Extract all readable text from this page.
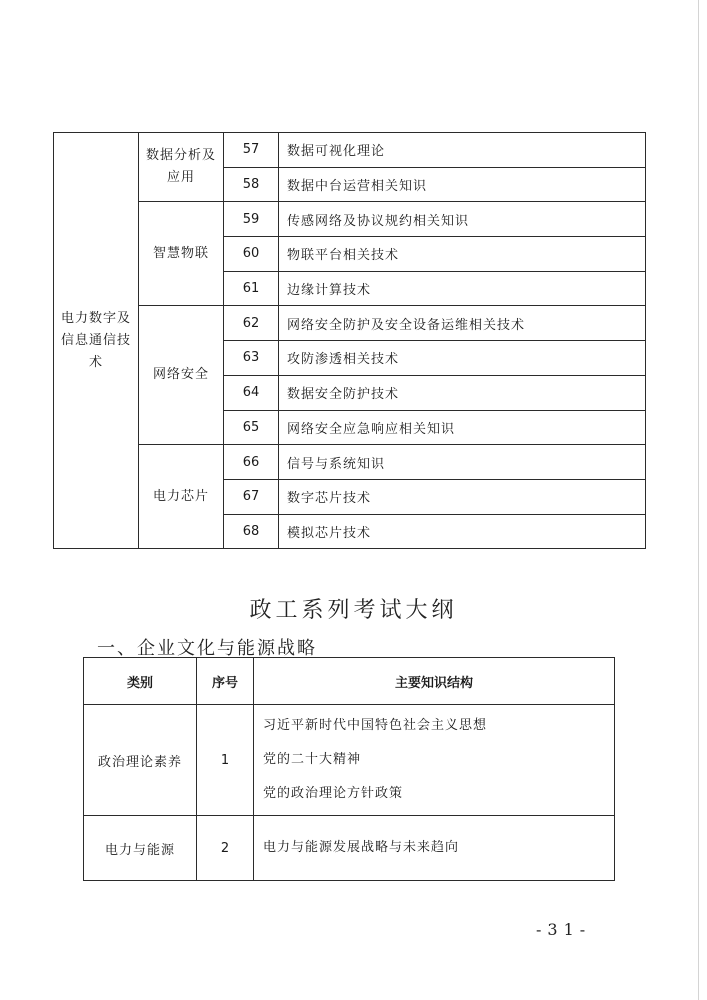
电力数字及
信息通信技
术	数据分析及
应用	57	数据可视化理论
		58	数据中台运营相关知识
	智慧物联	59	传感网络及协议规约相关知识
		60	物联平台相关技术
		61	边缘计算技术
	网络安全	62	网络安全防护及安全设备运维相关技术
		63	攻防渗透相关技术
		64	数据安全防护技术
		65	网络安全应急响应相关知识
	电力芯片	66	信号与系统知识
		67	数字芯片技术
		68	模拟芯片技术
政工系列考试大纲
一、企业文化与能源战略
类别	序号	主要知识结构
政治理论素养	1	习近平新时代中国特色社会主义思想
党的二十大精神
党的政治理论方针政策

电力与能源	2	电力与能源发展战略与未来趋向
-31-
